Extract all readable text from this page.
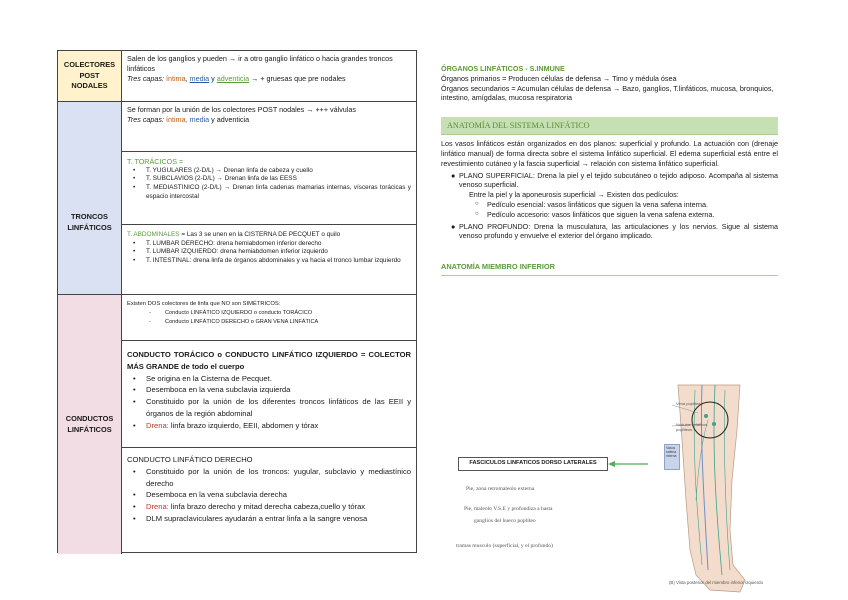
COLECTORES POST NODALES
Salen de los ganglios y pueden → ir a otro ganglio linfático o hacia grandes troncos linfáticos
Tres capas: íntima, media y adventicia → + gruesas que pre nodales
TRONCOS LINFÁTICOS
Se forman por la unión de los colectores POST nodales → +++ válvulas
Tres capas: íntima, media y adventicia
T. TORÁCICOS =
• T. YUGULARES (2-D/L) → Drenan linfa de cabeza y cuello
• T. SUBCLAVIOS (2-D/L) → Drenan linfa de las EESS
• T. MEDIASTINICO (2-D/L) → Drenan linfa cadenas mamarias internas, vísceras torácicas y espacio intercostal
T. ABDOMINALES = Las 3 se unen en la CISTERNA DE PECQUET o quilo
• T. LUMBAR DERECHO: drena hemiabdomen inferior derecho
• T. LUMBAR IZQUIERDO: drena hemiabdomen inferior izquierdo
• T. INTESTINAL: drena linfa de órganos abdominales y va hacia el tronco lumbar izquierdo
CONDUCTOS LINFÁTICOS
Existen DOS colectores de linfa que NO son SIMÉTRICOS:
- Conducto LINFÁTICO IZQUIERDO o conducto TORÁCICO
- Conducto LINFÁTICO DERECHO o GRAN VENA LINFÁTICA
CONDUCTO TORÁCICO o CONDUCTO LINFÁTICO IZQUIERDO = COLECTOR MÁS GRANDE de todo el cuerpo
• Se origina en la Cisterna de Pecquet.
• Desemboca en la vena subclavia izquierda
• Constituido por la unión de los diferentes troncos linfáticos de las EEII y órganos de la región abdominal
• Drena: linfa brazo izquierdo, EEII, abdomen y tórax
CONDUCTO LINFÁTICO DERECHO
• Constituido por la unión de los troncos: yugular, subclavio y mediastínico derecho
• Desemboca en la vena subclavia derecha
• Drena: linfa brazo derecho y mitad derecha cabeza,cuello y tórax
• DLM supraclaviculares ayudarán a entrar linfa a la sangre venosa
ÓRGANOS LINFÁTICOS - S.INMUNE
Órganos primarios = Producen células de defensa → Timo y médula ósea
Órganos secundarios = Acumulan células de defensa → Bazo, ganglios, T.linfáticos, mucosa, bronquios, intestino, amígdalas, mucosa respiratoria
ANATOMÍA DEL SISTEMA LINFÁTICO
Los vasos linfáticos están organizados en dos planos: superficial y profundo. La actuación con (drenaje linfático manual) de forma directa sobre el sistema linfático superficial. El edema superficial está entre el revestimiento cutáneo y la fascia superficial → relación con sistema linfático superficial.
● PLANO SUPERFICIAL: Drena la piel y el tejido subcutáneo o tejido adiposo. Acompaña al sistema venoso superficial.
Entre la piel y la aponeurosis superficial → Existen dos pedículos:
○ Pedículo esencial: vasos linfáticos que siguen la vena safena interna.
○ Pedículo accesorio: vasos linfáticos que siguen la vena safena externa.
● PLANO PROFUNDO: Drena la musculatura, las articulaciones y los nervios. Sigue al sistema venoso profundo y envuelve el exterior del órgano implicado.
ANATOMÍA MIEMBRO INFERIOR
FASCICULOS LINFATICOS DORSO LATERALES
Vena poplítea
Nódulos linfáticos poplíteos
Vasos safena interna
Pie, zona retromaleolo externa
Pie, maleolo V.S.E y profundiza a hasta
ganglios del hueco poplíteo
tramas musculo (superficial, y el profundo)
(B) Vista posterior del miembro inferior izquierdo
